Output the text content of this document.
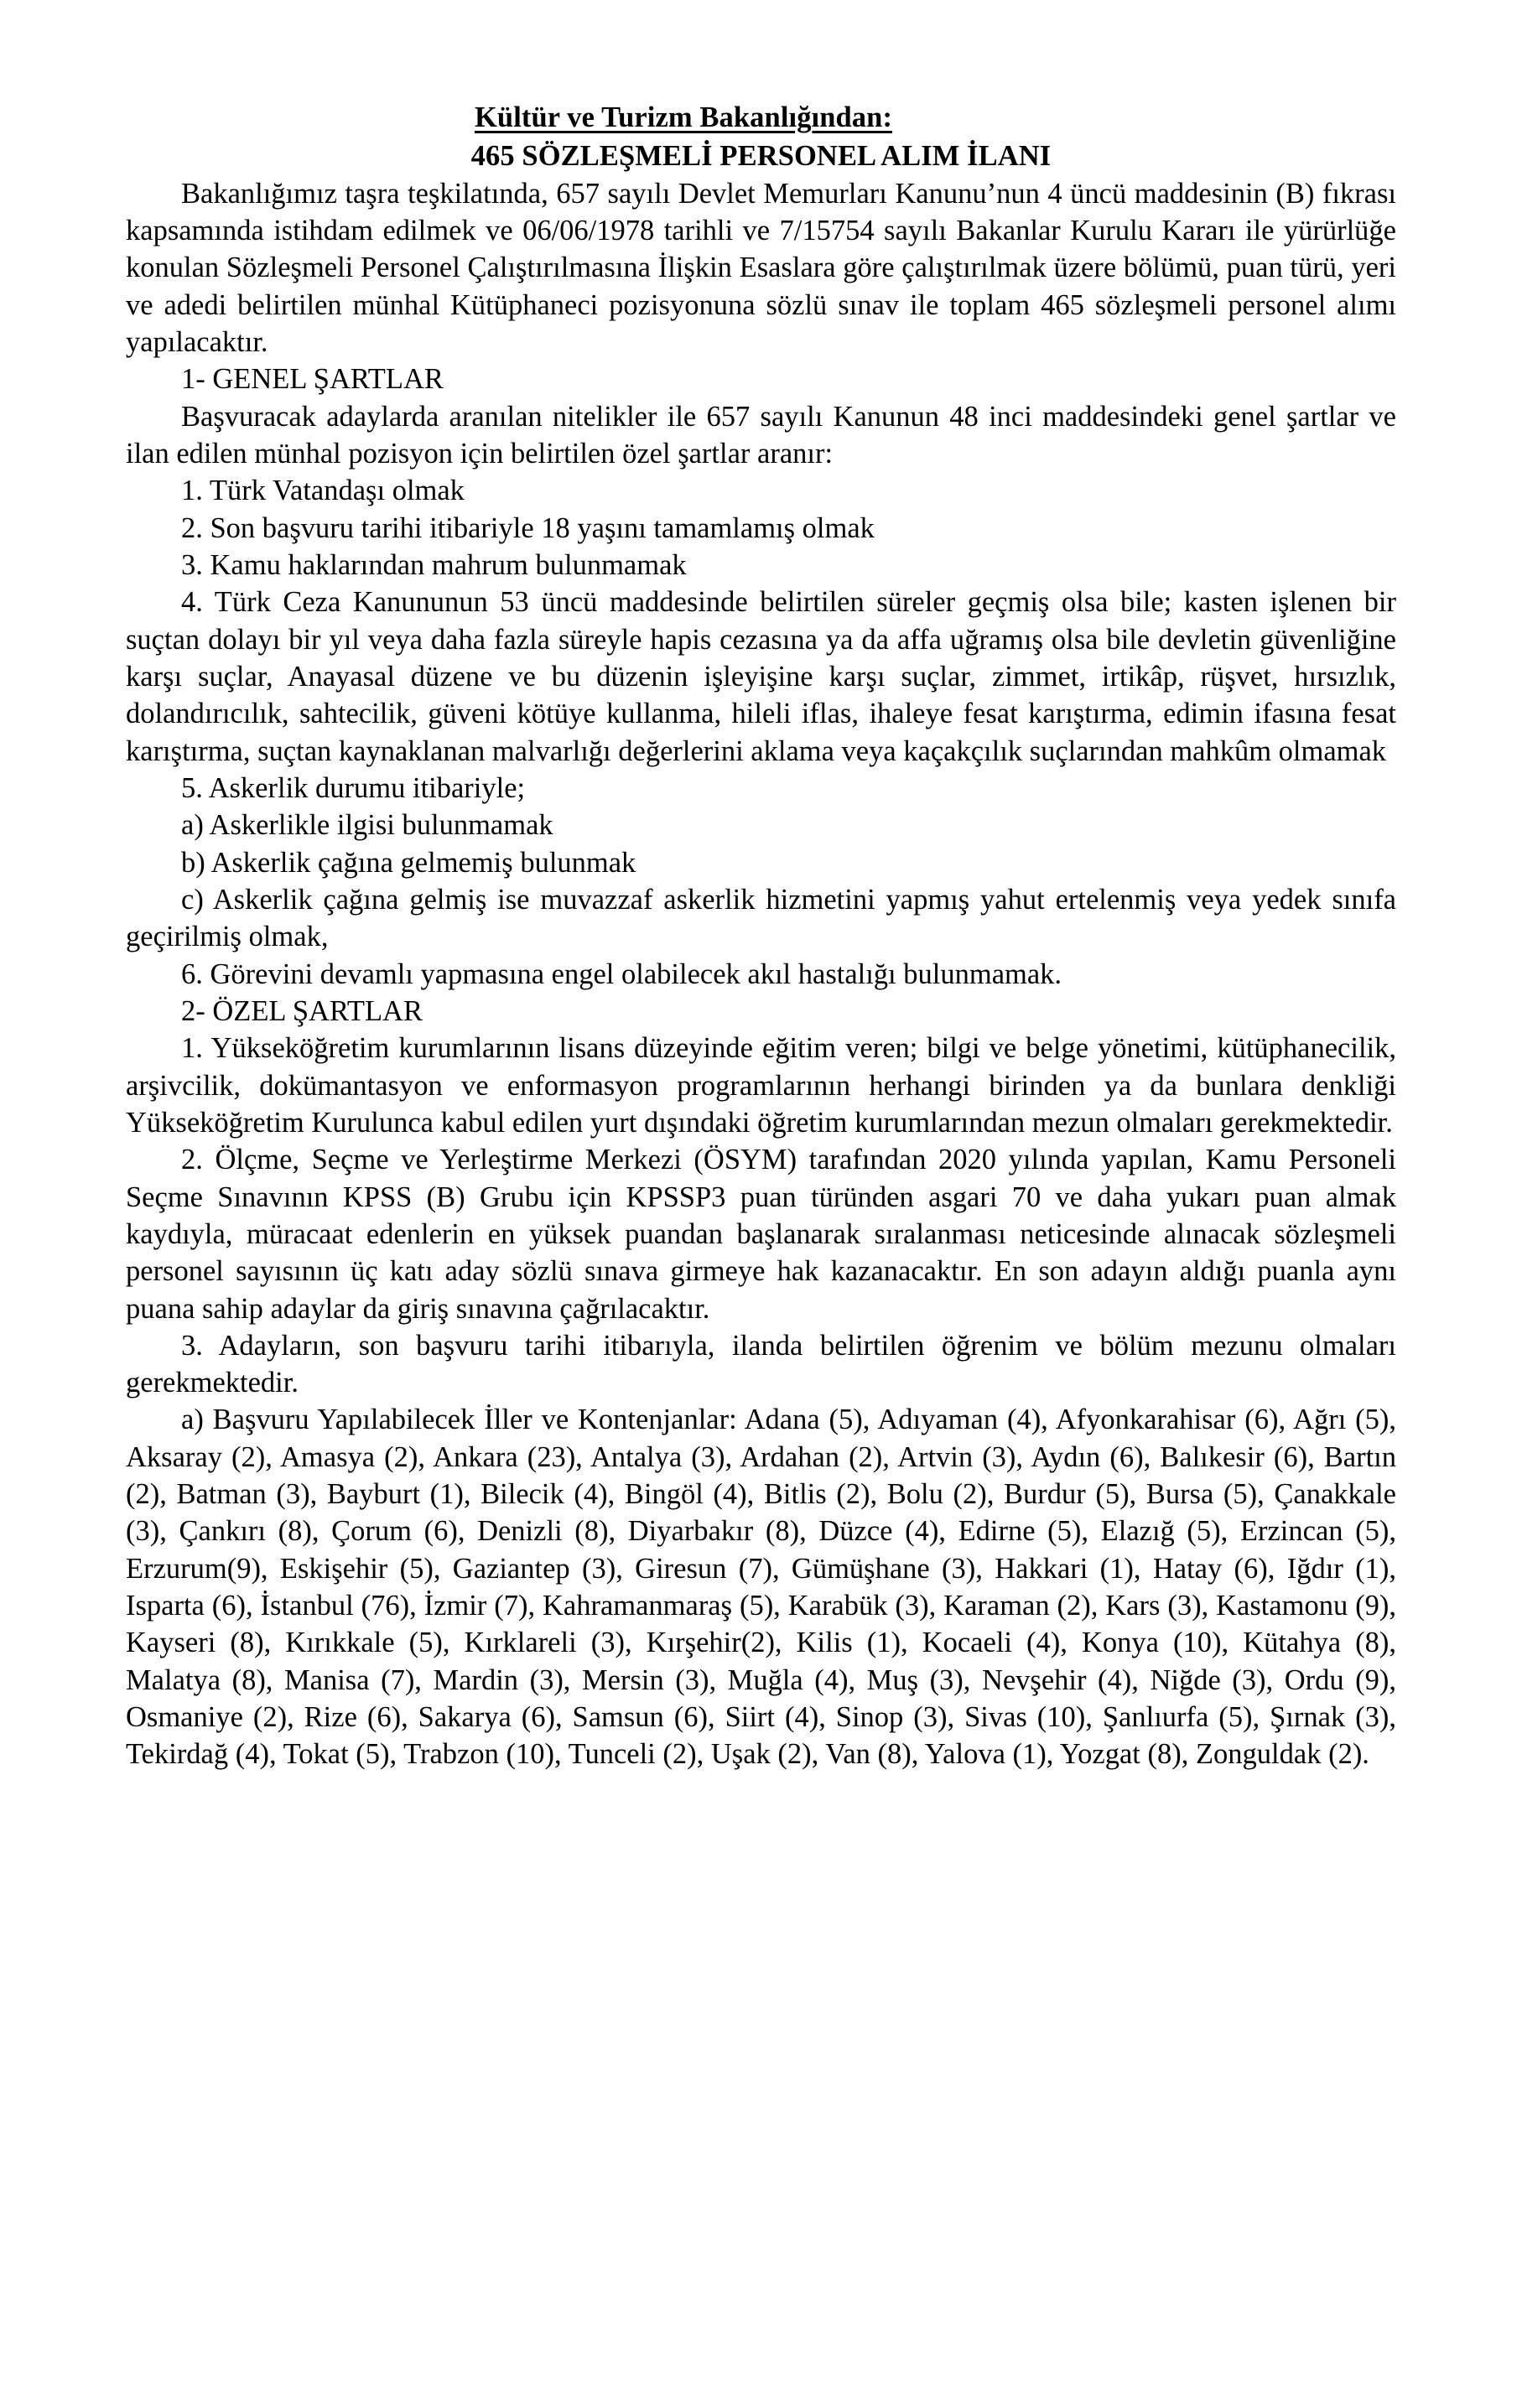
Kültür ve Turizm Bakanlığından:
465 SÖZLEŞMELİ PERSONEL ALIM İLANI

Bakanlığımız taşra teşkilatında, 657 sayılı Devlet Memurları Kanunu’nun 4 üncü maddesinin (B) fıkrası kapsamında istihdam edilmek ve 06/06/1978 tarihli ve 7/15754 sayılı Bakanlar Kurulu Kararı ile yürürlüğe konulan Sözleşmeli Personel Çalıştırılmasına İlişkin Esaslara göre çalıştırılmak üzere bölümü, puan türü, yeri ve adedi belirtilen münhal Kütüphaneci pozisyonuna sözlü sınav ile toplam 465 sözleşmeli personel alımı yapılacaktır.

1- GENEL ŞARTLAR

Başvuracak adaylarda aranılan nitelikler ile 657 sayılı Kanunun 48 inci maddesindeki genel şartlar ve ilan edilen münhal pozisyon için belirtilen özel şartlar aranır:

1. Türk Vatandaşı olmak

2. Son başvuru tarihi itibariyle 18 yaşını tamamlamış olmak

3. Kamu haklarından mahrum bulunmamak

4. Türk Ceza Kanununun 53 üncü maddesinde belirtilen süreler geçmiş olsa bile; kasten işlenen bir suçtan dolayı bir yıl veya daha fazla süreyle hapis cezasına ya da affa uğramış olsa bile devletin güvenliğine karşı suçlar, Anayasal düzene ve bu düzenin işleyişine karşı suçlar, zimmet, irtikâp, rüşvet, hırsızlık, dolandırıcılık, sahtecilik, güveni kötüye kullanma, hileli iflas, ihaleye fesat karıştırma, edimin ifasına fesat karıştırma, suçtan kaynaklanan malvarlığı değerlerini aklama veya kaçakçılık suçlarından mahkûm olmamak

5. Askerlik durumu itibariyle;

a) Askerlikle ilgisi bulunmamak

b) Askerlik çağına gelmemiş bulunmak

c) Askerlik çağına gelmiş ise muvazzaf askerlik hizmetini yapmış yahut ertelenmiş veya yedek sınıfa geçirilmiş olmak,

6. Görevini devamlı yapmasına engel olabilecek akıl hastalığı bulunmamak.

2- ÖZEL ŞARTLAR

1. Yükseköğretim kurumlarının lisans düzeyinde eğitim veren; bilgi ve belge yönetimi, kütüphanecilik, arşivcilik, dokümantasyon ve enformasyon programlarının herhangi birinden ya da bunlara denkliği Yükseköğretim Kurulunca kabul edilen yurt dışındaki öğretim kurumlarından mezun olmaları gerekmektedir.

2. Ölçme, Seçme ve Yerleştirme Merkezi (ÖSYM) tarafından 2020 yılında yapılan, Kamu Personeli Seçme Sınavının KPSS (B) Grubu için KPSSP3 puan türünden asgari 70 ve daha yukarı puan almak kaydıyla, müracaat edenlerin en yüksek puandan başlanarak sıralanması neticesinde alınacak sözleşmeli personel sayısının üç katı aday sözlü sınava girmeye hak kazanacaktır. En son adayın aldığı puanla aynı puana sahip adaylar da giriş sınavına çağrılacaktır.

3. Adayların, son başvuru tarihi itibarıyla, ilanda belirtilen öğrenim ve bölüm mezunu olmaları gerekmektedir.

a) Başvuru Yapılabilecek İller ve Kontenjanlar: Adana (5), Adıyaman (4), Afyonkarahisar (6), Ağrı (5), Aksaray (2), Amasya (2), Ankara (23), Antalya (3), Ardahan (2), Artvin (3), Aydın (6), Balıkesir (6), Bartın (2), Batman (3), Bayburt (1), Bilecik (4), Bingöl (4), Bitlis (2), Bolu (2), Burdur (5), Bursa (5), Çanakkale (3), Çankırı (8), Çorum (6), Denizli (8), Diyarbakır (8), Düzce (4), Edirne (5), Elazığ (5), Erzincan (5), Erzurum(9), Eskişehir (5), Gaziantep (3), Giresun (7), Gümüşhane (3), Hakkari (1), Hatay (6), Iğdır (1), Isparta (6), İstanbul (76), İzmir (7), Kahramanmaraş (5), Karabük (3), Karaman (2), Kars (3), Kastamonu (9), Kayseri (8), Kırıkkale (5), Kırklareli (3), Kırşehir(2), Kilis (1), Kocaeli (4), Konya (10), Kütahya (8), Malatya (8), Manisa (7), Mardin (3), Mersin (3), Muğla (4), Muş (3), Nevşehir (4), Niğde (3), Ordu (9), Osmaniye (2), Rize (6), Sakarya (6), Samsun (6), Siirt (4), Sinop (3), Sivas (10), Şanlıurfa (5), Şırnak (3), Tekirdağ (4), Tokat (5), Trabzon (10), Tunceli (2), Uşak (2), Van (8), Yalova (1), Yozgat (8), Zonguldak (2).
